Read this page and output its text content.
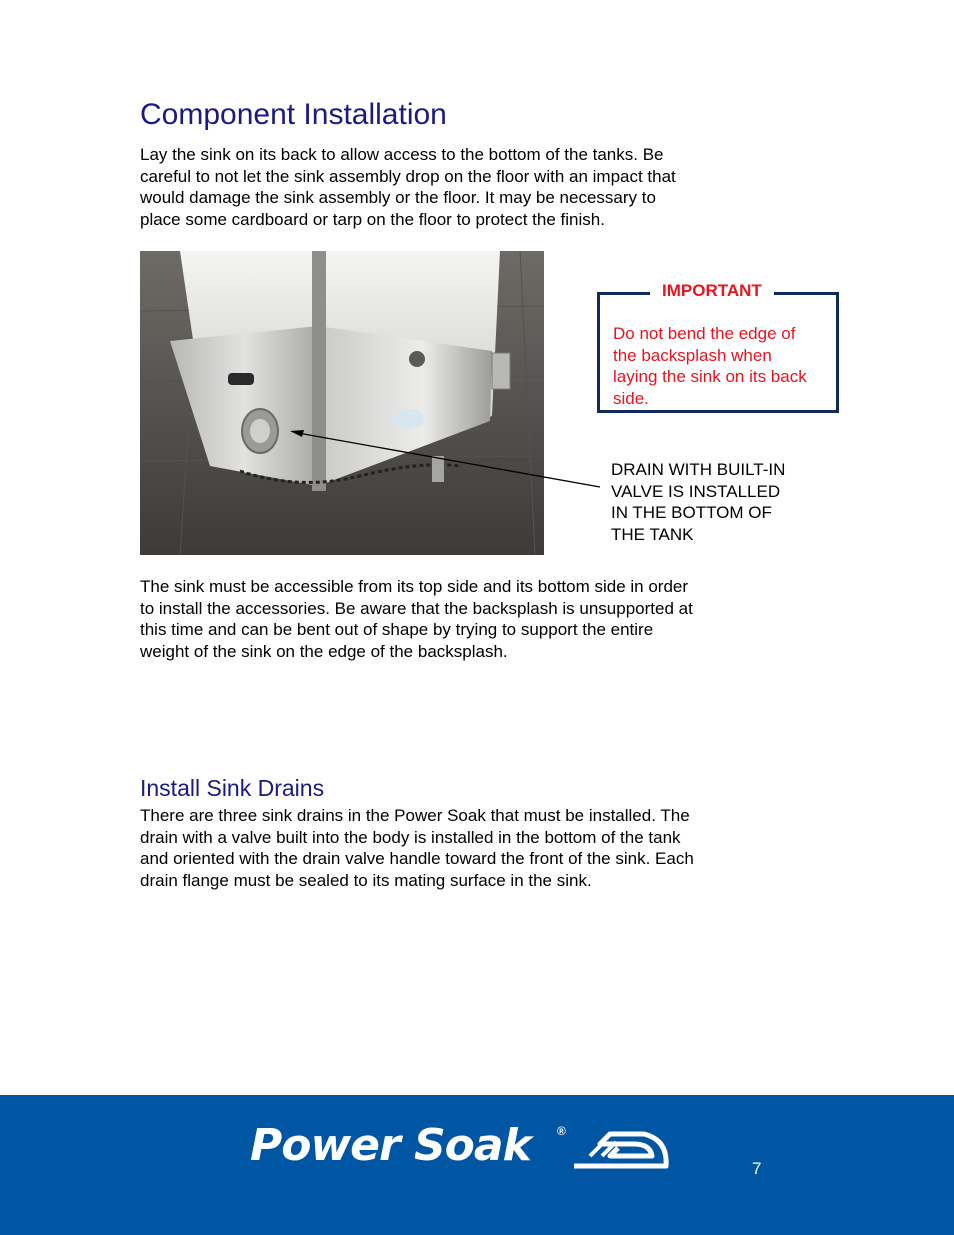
Component Installation
Lay the sink on its back to allow access to the bottom of the tanks. Be
careful to not let the sink assembly drop on the floor with an impact that
would damage the sink assembly or the floor. It may be necessary to
place some cardboard or tarp on the floor to protect the finish.
IMPORTANT
Do not bend the edge of
the backsplash when
laying the sink on its back
side.
DRAIN WITH BUILT-IN
VALVE IS INSTALLED
IN THE BOTTOM OF
THE TANK
The sink must be accessible from its top side and its bottom side in order
to install the accessories. Be aware that the backsplash is unsupported at
this time and can be bent out of shape by trying to support the entire
weight of the sink on the edge of the backsplash.
Install Sink Drains
There are three sink drains in the Power Soak that must be installed. The
drain with a valve built into the body is installed in the bottom of the tank
and oriented with the drain valve handle toward the front of the sink. Each
drain flange must be sealed to its mating surface in the sink.
Power Soak ®
7
